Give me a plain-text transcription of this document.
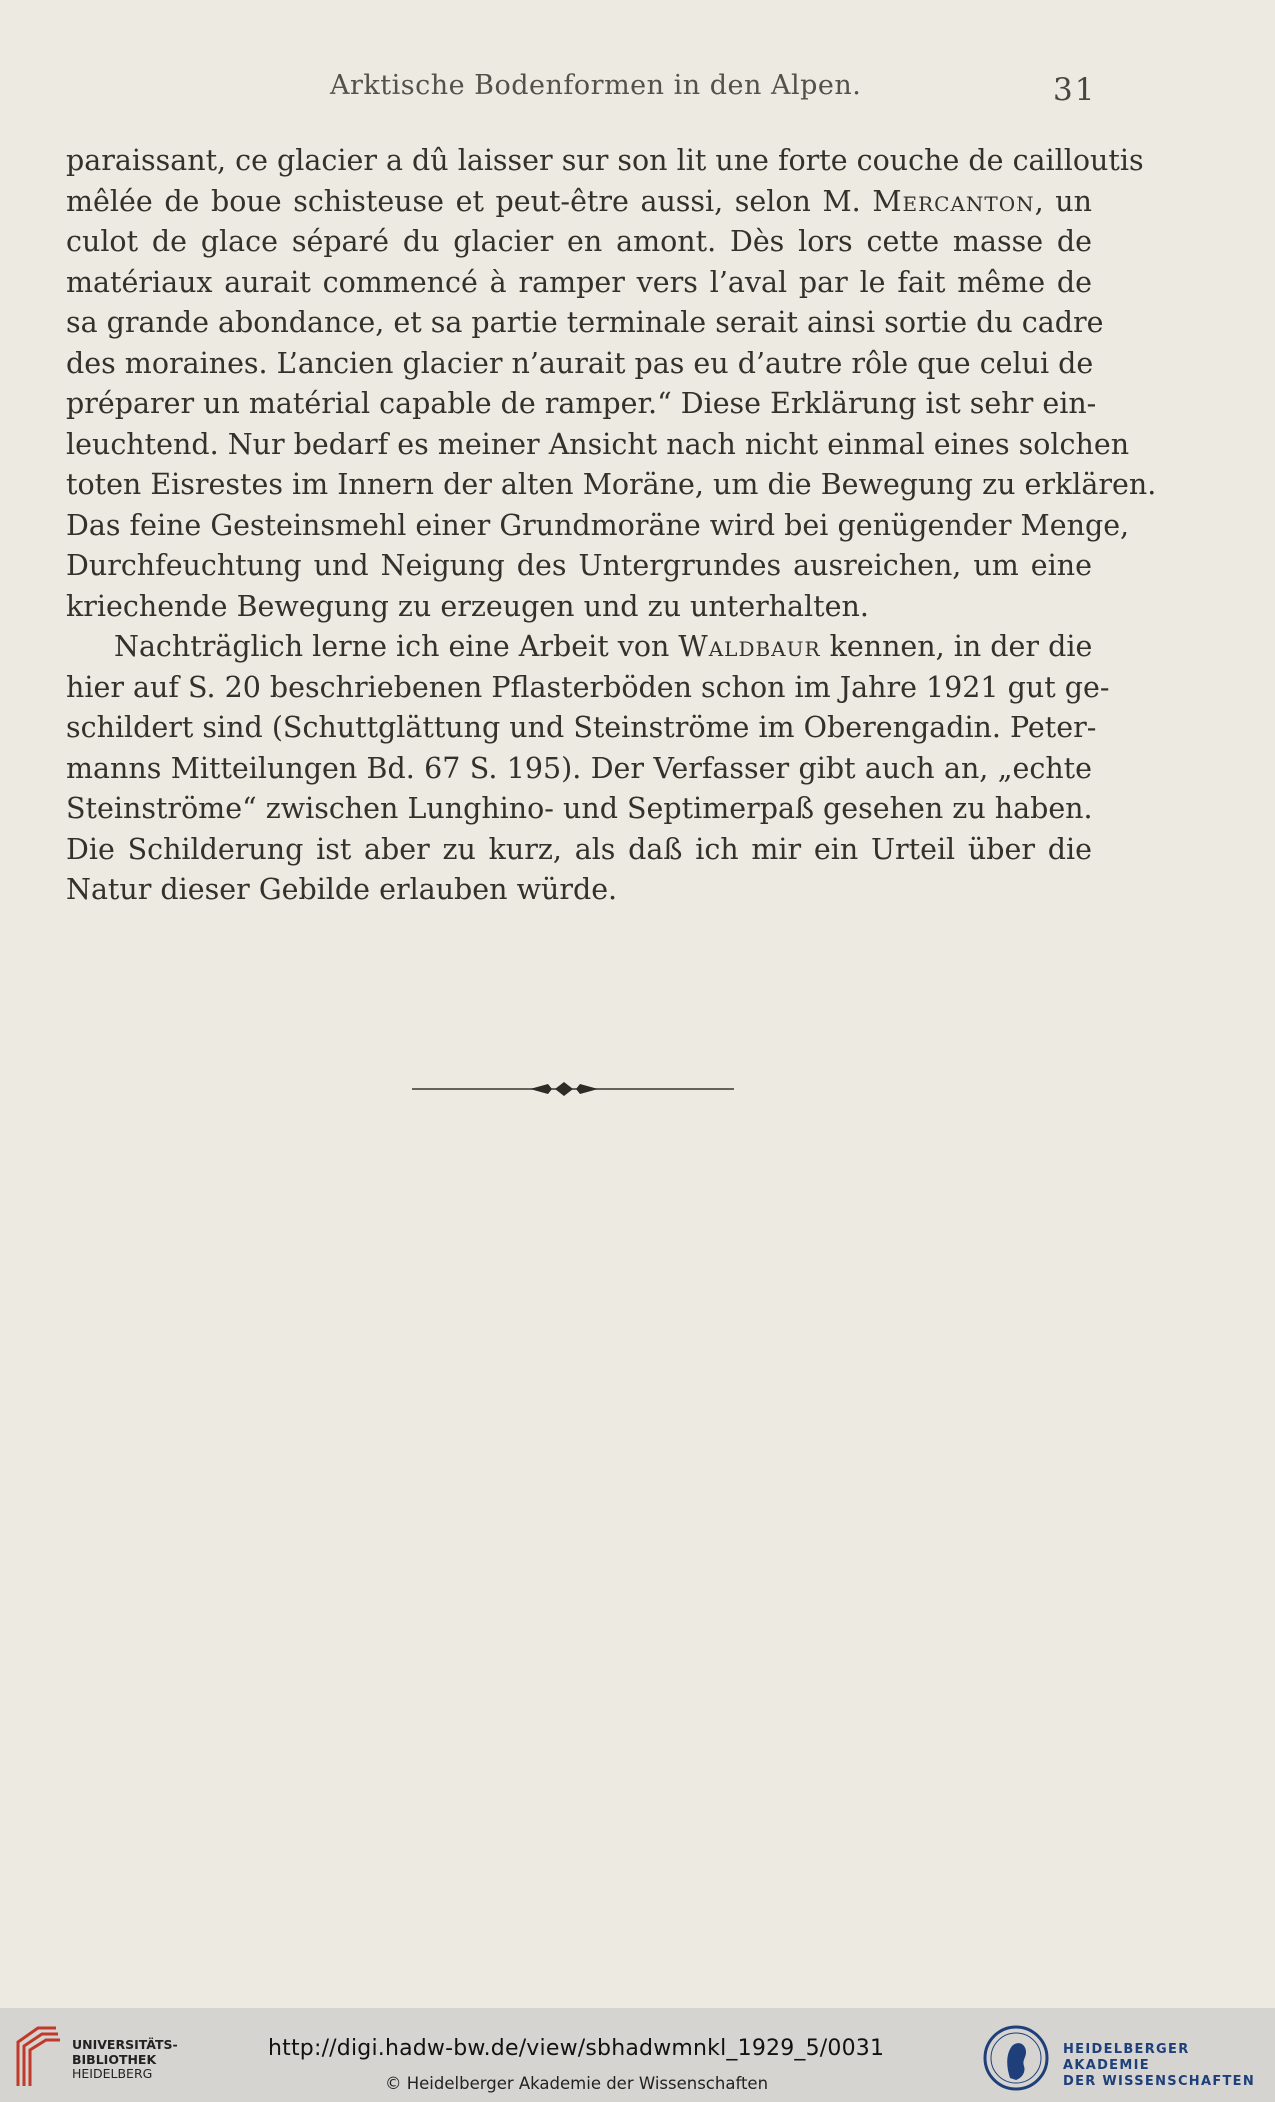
Arktische Bodenformen in den Alpen.	31
paraissant, ce glacier a dû laisser sur son lit une forte couche de cailloutis
mêlée de boue schisteuse et peut-être aussi, selon M. Mercanton, un
culot de glace séparé du glacier en amont. Dès lors cette masse de
matériaux aurait commencé à ramper vers l’aval par le fait même de
sa grande abondance, et sa partie terminale serait ainsi sortie du cadre
des moraines. L’ancien glacier n’aurait pas eu d’autre rôle que celui de
préparer un matérial capable de ramper.“ Diese Erklärung ist sehr ein-
leuchtend. Nur bedarf es meiner Ansicht nach nicht einmal eines solchen
toten Eisrestes im Innern der alten Moräne, um die Bewegung zu erklären.
Das feine Gesteinsmehl einer Grundmoräne wird bei genügender Menge,
Durchfeuchtung und Neigung des Untergrundes ausreichen, um eine
kriechende Bewegung zu erzeugen und zu unterhalten.
Nachträglich lerne ich eine Arbeit von Waldbaur kennen, in der die
hier auf S. 20 beschriebenen Pflasterböden schon im Jahre 1921 gut ge-
schildert sind (Schuttglättung und Steinströme im Oberengadin. Peter-
manns Mitteilungen Bd. 67 S. 195). Der Verfasser gibt auch an, „echte
Steinströme“ zwischen Lunghino- und Septimerpaß gesehen zu haben.
Die Schilderung ist aber zu kurz, als daß ich mir ein Urteil über die
Natur dieser Gebilde erlauben würde.
UNIVERSITÄTS-
BIBLIOTHEK
HEIDELBERG
http://digi.hadw-bw.de/view/sbhadwmnkl_1929_5/0031
© Heidelberger Akademie der Wissenschaften
HEIDELBERGER AKADEMIE
DER WISSENSCHAFTEN
